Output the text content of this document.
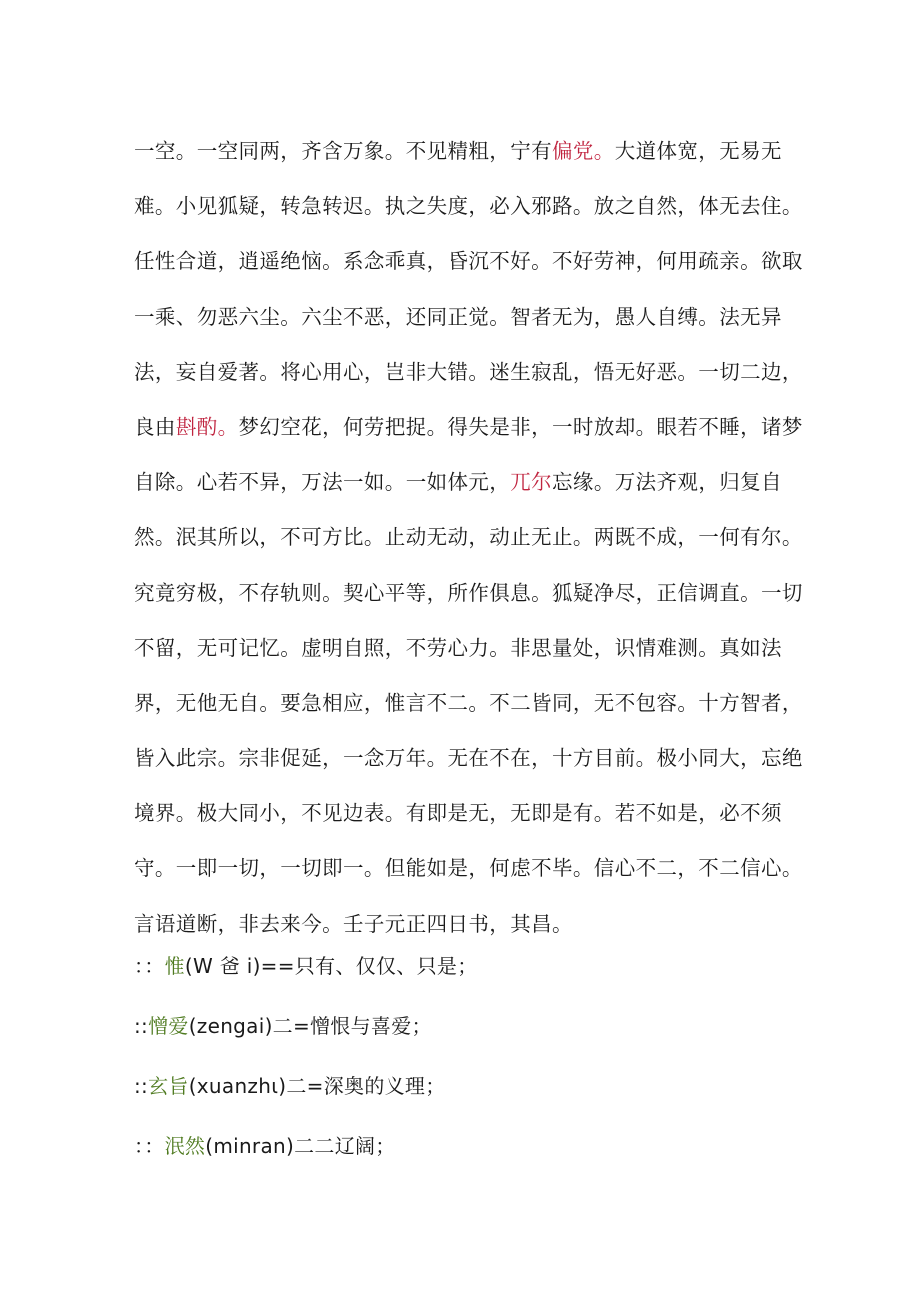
一空。一空同两，齐含万象。不见精粗，宁有偏党。大道体宽，无易无
难。小见狐疑，转急转迟。执之失度，必入邪路。放之自然，体无去住。
任性合道，逍遥绝恼。系念乖真，昏沉不好。不好劳神，何用疏亲。欲取
一乘、勿恶六尘。六尘不恶，还同正觉。智者无为，愚人自缚。法无异
法，妄自爱著。将心用心，岂非大错。迷生寂乱，悟无好恶。一切二边，
良由斟酌。梦幻空花，何劳把捉。得失是非，一时放却。眼若不睡，诸梦
自除。心若不异，万法一如。一如体元，兀尔忘缘。万法齐观，归复自
然。泯其所以，不可方比。止动无动，动止无止。两既不成，一何有尔。
究竟穷极，不存轨则。契心平等，所作俱息。狐疑净尽，正信调直。一切
不留，无可记忆。虚明自照，不劳心力。非思量处，识情难测。真如法
界，无他无自。要急相应，惟言不二。不二皆同，无不包容。十方智者，
皆入此宗。宗非促延，一念万年。无在不在，十方目前。极小同大，忘绝
境界。极大同小，不见边表。有即是无，无即是有。若不如是，必不须
守。一即一切，一切即一。但能如是，何虑不毕。信心不二，不二信心。
言语道断，非去来今。壬子元正四日书，其昌。
：：惟(W 爸 i)==只有、仅仅、只是；
::憎爱(zengai)二=憎恨与喜爱；
::玄旨(xuanzhι)二=深奥的义理；
：：泯然(minran)二二辽阔；
